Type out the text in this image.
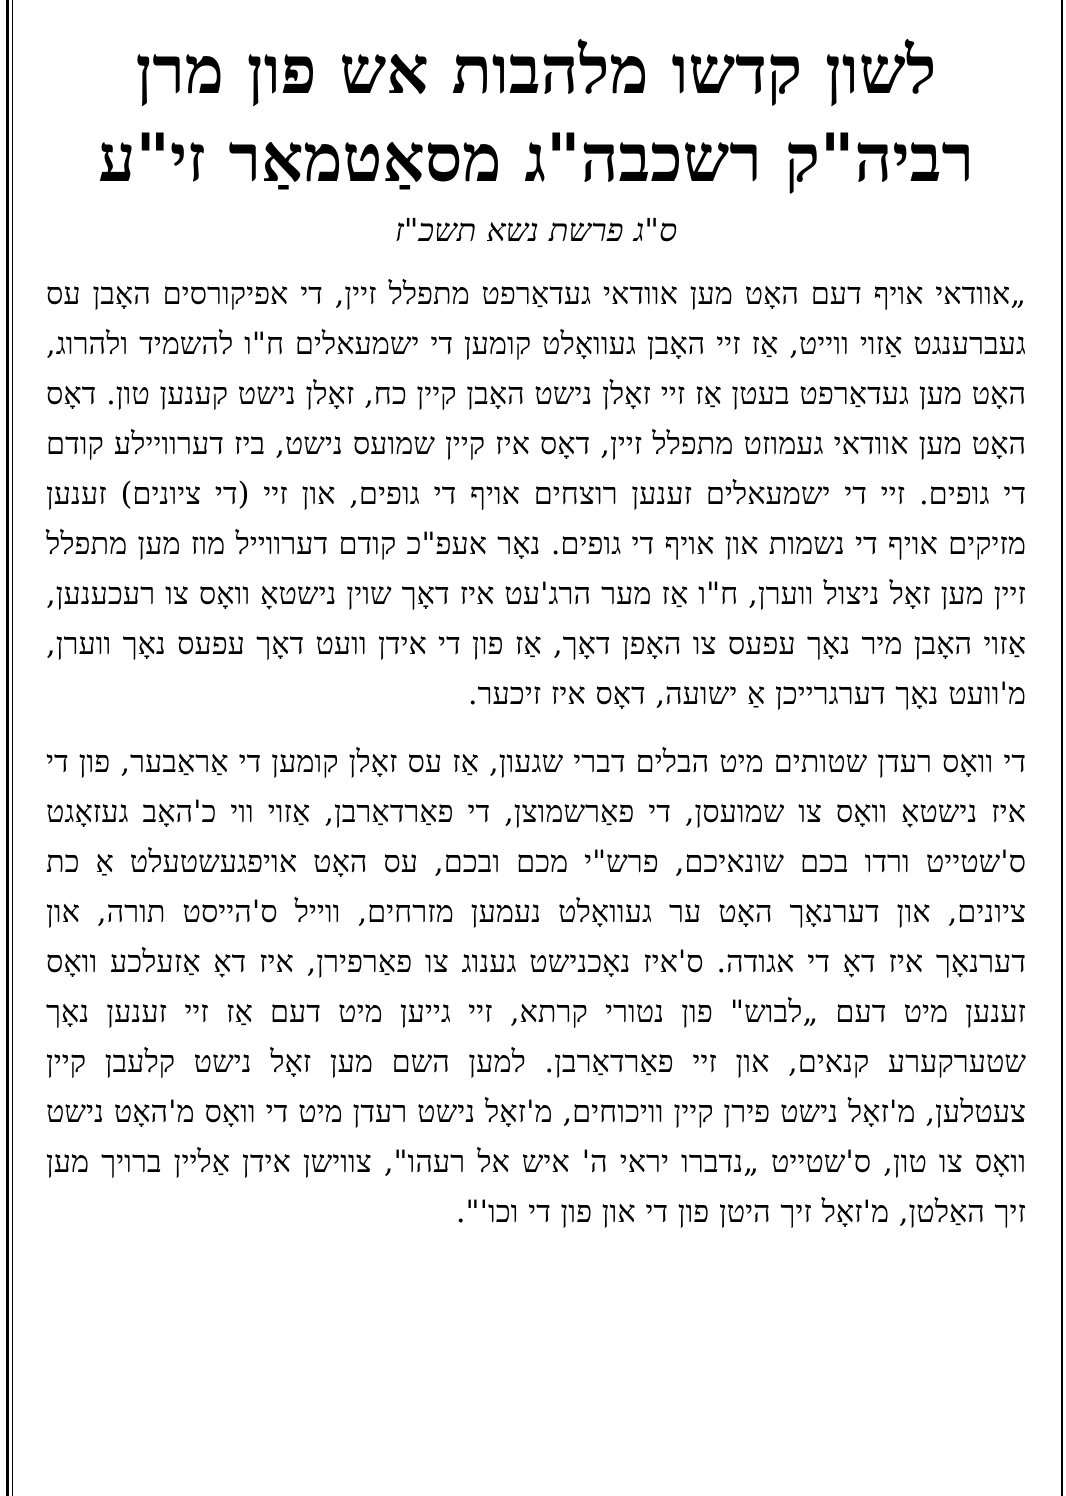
לשון קדשו מלהבות אש פון מרן
רביה"ק רשכבה"ג מסאַטמאַר זי"ע
ס"ג פרשת נשא תשכ"ז

„אוודאי אויף דעם האָט מען אוודאי געדאַרפט מתפלל זיין, די אפיקורסים האָבן עס געברענגט אַזוי ווייט, אַז זיי האָבן געוואָלט קומען די ישמעאלים ח"ו להשמיד ולהרוג, האָט מען געדאַרפט בעטן אַז זיי זאָלן נישט האָבן קיין כח, זאָלן נישט קענען טון. דאָס האָט מען אוודאי געמוזט מתפלל זיין, דאָס איז קיין שמועס נישט, ביז דערוויילע קודם די גופים. זיי די ישמעאלים זענען רוצחים אויף די גופים, און זיי (די ציונים) זענען מזיקים אויף די נשמות און אויף די גופים. נאָר אעפ"כ קודם דערווייל מוז מען מתפלל זיין מען זאָל ניצול ווערן, ח"ו אַז מער הרג'עט איז דאָך שוין נישטאָ וואָס צו רעכענען, אַזוי האָבן מיר נאָך עפעס צו האָפן דאָך, אַז פון די אידן וועט דאָך עפעס נאָך ווערן, מ'וועט נאָך דערגרייכן אַ ישועה, דאָס איז זיכער.

די וואָס רעדן שטותים מיט הבלים דברי שגעון, אַז עס זאָלן קומען די אַראַבער, פון די איז נישטאָ וואָס צו שמועסן, די פאַרשמוצן, די פאַרדאַרבן, אַזוי ווי כ'האָב געזאָגט ס'שטייט ורדו בכם שונאיכם, פרש"י מכם ובכם, עס האָט אויפגעשטעלט אַ כת ציונים, און דערנאָך האָט ער געוואָלט נעמען מזרחים, ווייל ס'הייסט תורה, און דערנאָך איז דאָ די אגודה. ס'איז נאָכנישט גענוג צו פאַרפירן, איז דאָ אַזעלכע וואָס זענען מיט דעם „לבוש" פון נטורי קרתא, זיי גייען מיט דעם אַז זיי זענען נאָך שטערקערע קנאים, און זיי פאַרדאַרבן. למען השם מען זאָל נישט קלעבן קיין צעטלען, מ'זאָל נישט פירן קיין וויכוחים, מ'זאָל נישט רעדן מיט די וואָס מ'האָט נישט וואָס צו טון, ס'שטייט „נדברו יראי ה' איש אל רעהו", צווישן אידן אַליין ברויך מען זיך האַלטן, מ'זאָל זיך היטן פון די און פון די וכו'".
